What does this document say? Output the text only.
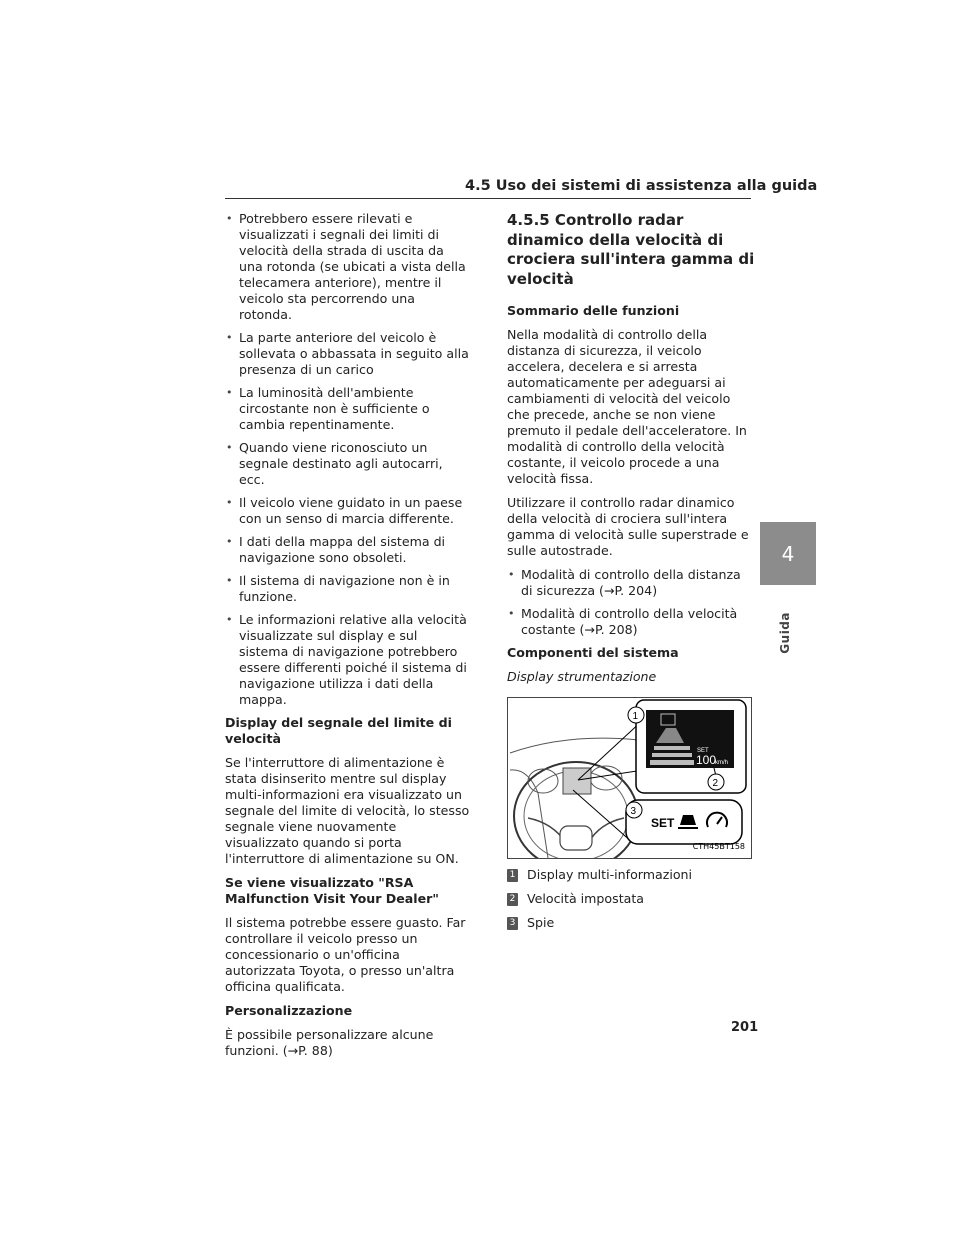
4.5 Uso dei sistemi di assistenza alla guida
• Potrebbero essere rilevati e visualizzati i segnali dei limiti di velocità della strada di uscita da una rotonda (se ubicati a vista della telecamera anteriore), mentre il veicolo sta percorrendo una rotonda.
• La parte anteriore del veicolo è sollevata o abbassata in seguito alla presenza di un carico
• La luminosità dell'ambiente circostante non è sufficiente o cambia repentinamente.
• Quando viene riconosciuto un segnale destinato agli autocarri, ecc.
• Il veicolo viene guidato in un paese con un senso di marcia differente.
• I dati della mappa del sistema di navigazione sono obsoleti.
• Il sistema di navigazione non è in funzione.
• Le informazioni relative alla velocità visualizzate sul display e sul sistema di navigazione potrebbero essere differenti poiché il sistema di navigazione utilizza i dati della mappa.
Display del segnale del limite di velocità

Se l'interruttore di alimentazione è stata disinserito mentre sul display multi-informazioni era visualizzato un segnale del limite di velocità, lo stesso segnale viene nuovamente visualizzato quando si porta l'interruttore di alimentazione su ON.

Se viene visualizzato "RSA Malfunction Visit Your Dealer"

Il sistema potrebbe essere guasto. Far controllare il veicolo presso un concessionario o un'officina autorizzata Toyota, o presso un'altra officina qualificata.

Personalizzazione

È possibile personalizzare alcune funzioni. (→P. 88)

4.5.5 Controllo radar dinamico della velocità di crociera sull'intera gamma di velocità
Sommario delle funzioni

Nella modalità di controllo della distanza di sicurezza, il veicolo accelera, decelera e si arresta automaticamente per adeguarsi ai cambiamenti di velocità del veicolo che precede, anche se non viene premuto il pedale dell'acceleratore. In modalità di controllo della velocità costante, il veicolo procede a una velocità fissa.

Utilizzare il controllo radar dinamico della velocità di crociera sull'intera gamma di velocità sulle superstrade e sulle autostrade.

• Modalità di controllo della distanza di sicurezza (→P. 204)
• Modalità di controllo della velocità costante (→P. 208)
Componenti del sistema
Display strumentazione
SET
100
km/h
1
2
SET
3
CTH45BT158
1 Display multi-informazioni
2 Velocità impostata
3 Spie
4
Guida
201
